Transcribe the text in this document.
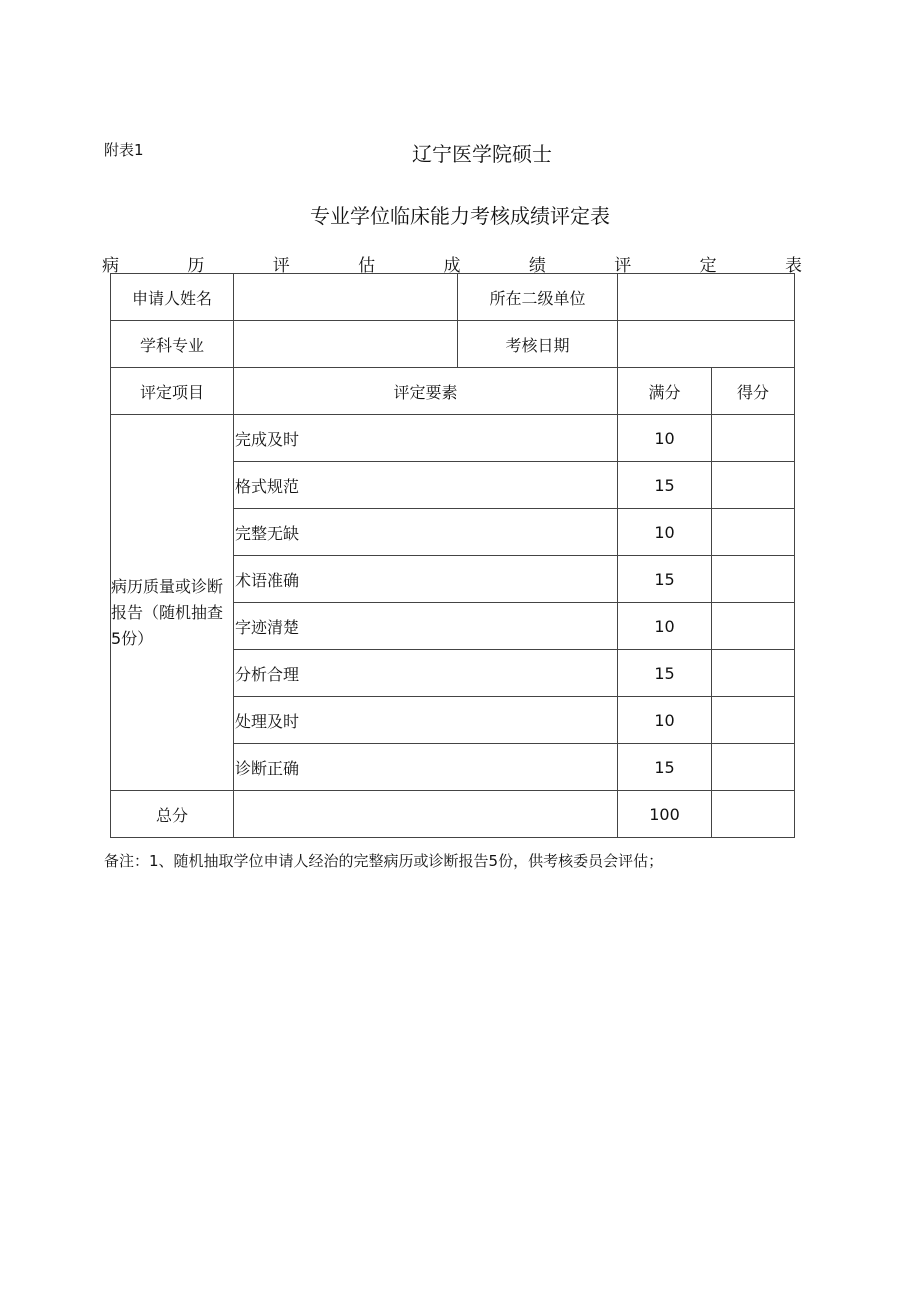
附表1	辽宁医学院硕士
专业学位临床能力考核成绩评定表
病	历	评	估	成	绩	评	定	表
申请人姓名		所在二级单位		
学科专业		考核日期		
评定项目	评定要素		满分	得分

病历质量或诊断
报告（随机抽查
5份）	完成及时		10	
	格式规范		15	
	完整无缺		10	
	术语准确		15	
	字迹清楚		10	
	分析合理		15	
	处理及时		10	
	诊断正确		15	
总分			100	
备注：1、随机抽取学位申请人经治的完整病历或诊断报告5份，供考核委员会评估；
